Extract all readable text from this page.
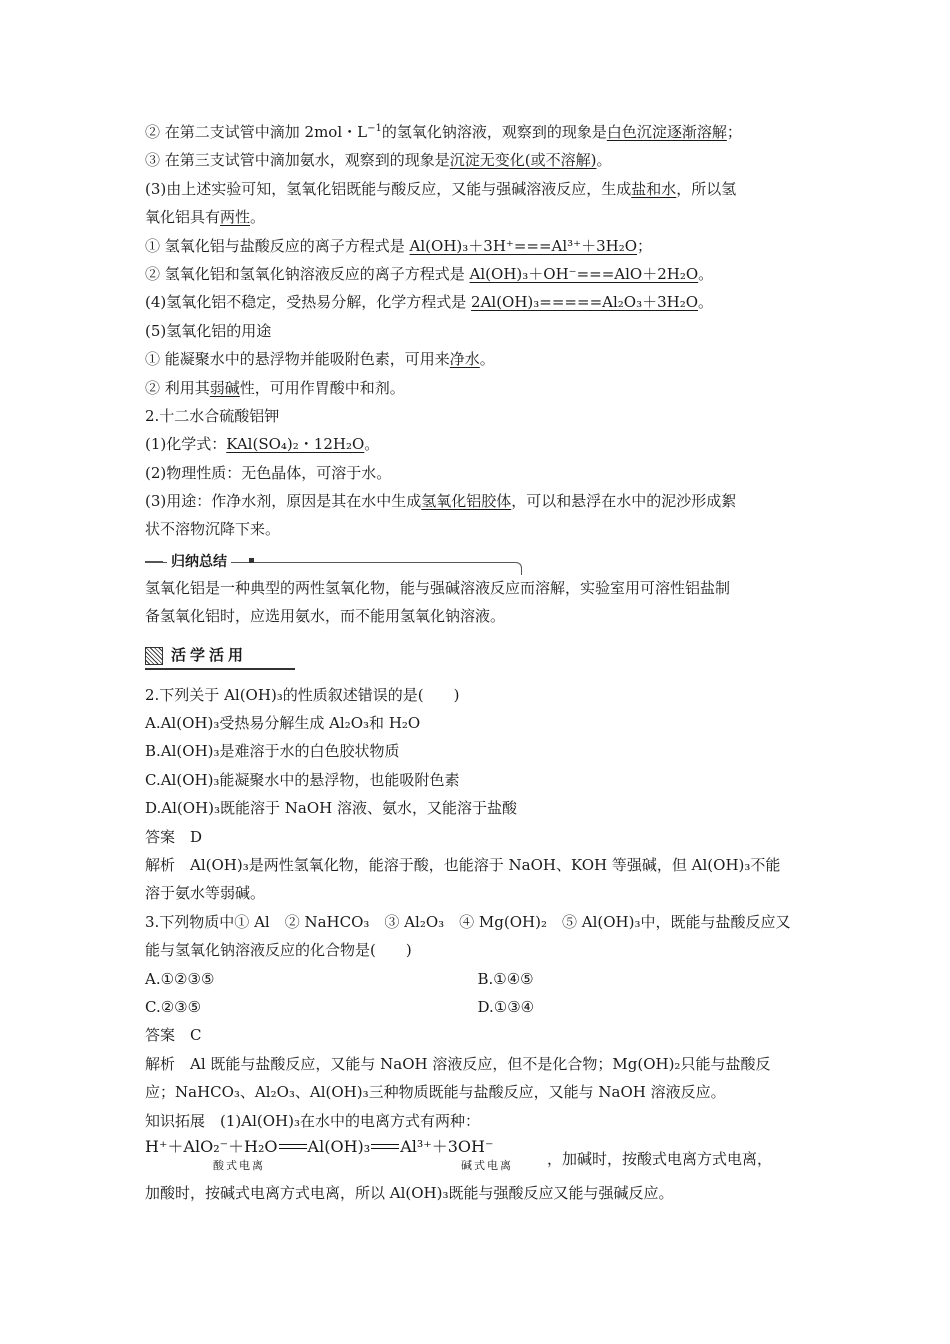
② 在第二支试管中滴加 2mol・$L^{-1}$的氢氧化钠溶液，观察到的现象是白色沉淀逐渐溶解；
③ 在第三支试管中滴加氨水，观察到的现象是沉淀无变化(或不溶解)。
(3)由上述实验可知，氢氧化铝既能与酸反应，又能与强碱溶液反应，生成盐和水，所以氢
氧化铝具有两性。
① 氢氧化铝与盐酸反应的离子方程式是 Al(OH)₃＋3H⁺===Al³⁺＋3H₂O；
② 氢氧化铝和氢氧化钠溶液反应的离子方程式是 Al(OH)₃＋OH⁻===AlO＋2H₂O。
(4)氢氧化铝不稳定，受热易分解，化学方程式是 2Al(OH)₃=====Al₂O₃＋3H₂O。
(5)氢氧化铝的用途
① 能凝聚水中的悬浮物并能吸附色素，可用来净水。
② 利用其弱碱性，可用作胃酸中和剂。
2.十二水合硫酸铝钾
(1)化学式：KAl(SO₄)₂・12H₂O。
(2)物理性质：无色晶体，可溶于水。
(3)用途：作净水剂，原因是其在水中生成氢氧化铝胶体，可以和悬浮在水中的泥沙形成絮
状不溶物沉降下来。
归纳总结
氢氧化铝是一种典型的两性氢氧化物，能与强碱溶液反应而溶解，实验室用可溶性铝盐制
备氢氧化铝时，应选用氨水，而不能用氢氧化钠溶液。
活学活用
2.下列关于 Al(OH)₃的性质叙述错误的是(　　)
A.Al(OH)₃受热易分解生成 Al₂O₃和 H₂O
B.Al(OH)₃是难溶于水的白色胶状物质
C.Al(OH)₃能凝聚水中的悬浮物，也能吸附色素
D.Al(OH)₃既能溶于 NaOH 溶液、氨水，又能溶于盐酸
答案　D
解析　Al(OH)₃是两性氢氧化物，能溶于酸，也能溶于 NaOH、KOH 等强碱，但 Al(OH)₃不能
溶于氨水等弱碱。
3.下列物质中① Al　② NaHCO₃　③ Al₂O₃　④ Mg(OH)₂　⑤ Al(OH)₃中，既能与盐酸反应又
能与氢氧化钠溶液反应的化合物是(　　)
A.①②③⑤	B.①④⑤
C.②③⑤	D.①③④
答案　C
解析　Al 既能与盐酸反应，又能与 NaOH 溶液反应，但不是化合物；Mg(OH)₂只能与盐酸反
应；NaHCO₃、Al₂O₃、Al(OH)₃三种物质既能与盐酸反应，又能与 NaOH 溶液反应。
知识拓展　(1)Al(OH)₃在水中的电离方式有两种：
H⁺＋AlO₂⁻＋H₂O Al(OH)₃ Al³⁺＋3OH⁻
酸式电离	碱式电离 ，加碱时，按酸式电离方式电离，
加酸时，按碱式电离方式电离，所以 Al(OH)₃既能与强酸反应又能与强碱反应。
